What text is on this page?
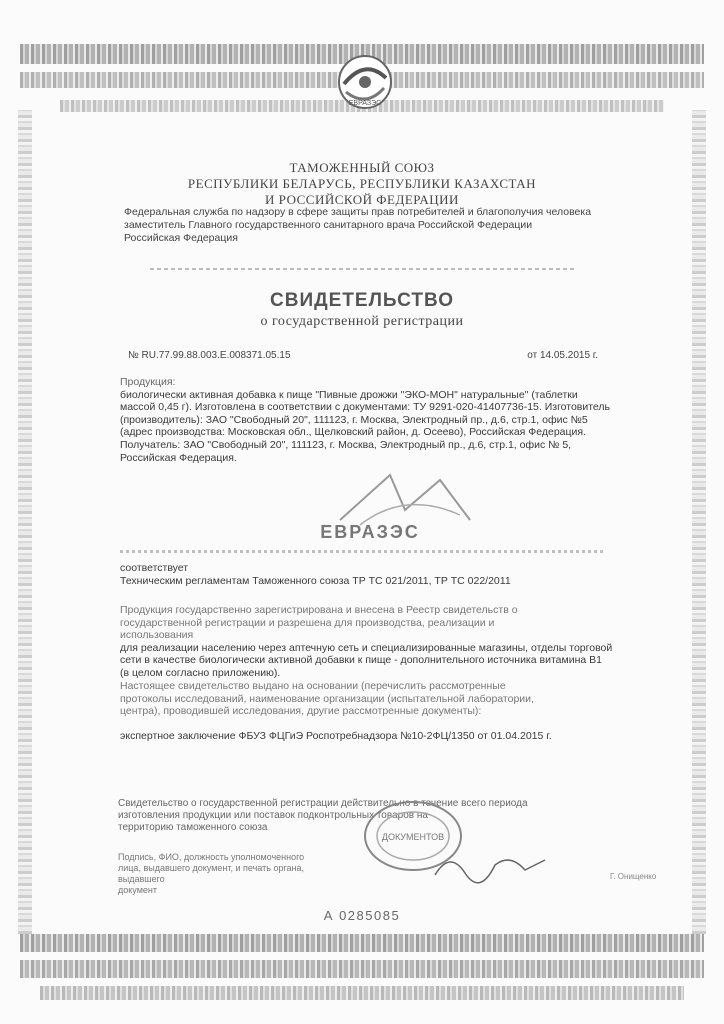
ЕВРАЗЭС
ТАМОЖЕННЫЙ СОЮЗ
РЕСПУБЛИКИ БЕЛАРУСЬ, РЕСПУБЛИКИ КАЗАХСТАН
И РОССИЙСКОЙ ФЕДЕРАЦИИ
Федеральная служба по надзору в сфере защиты прав потребителей и благополучия человека
заместитель Главного государственного санитарного врача Российской Федерации
Российская Федерация
СВИДЕТЕЛЬСТВО
о государственной регистрации
№ RU.77.99.88.003.Е.008371.05.15	от 14.05.2015 г.
Продукция:
биологически активная добавка к пище "Пивные дрожжи "ЭКО-МОН" натуральные" (таблетки
массой 0,45 г). Изготовлена в соответствии с документами: ТУ 9291-020-41407736-15. Изготовитель
(производитель): ЗАО "Свободный 20", 111123, г. Москва, Электродный пр., д.6, стр.1, офис №5
(адрес производства: Московская обл., Щелковский район, д. Осеево), Российская Федерация.
Получатель: ЗАО "Свободный 20", 111123, г. Москва, Электродный пр., д.6, стр.1, офис № 5,
Российская Федерация.
ЕВРАЗЭС
соответствует
Техническим регламентам Таможенного союза ТР ТС 021/2011, ТР ТС 022/2011
Продукция государственно зарегистрирована и внесена в Реестр свидетельств о
государственной регистрации и разрешена для производства, реализации и
использования
для реализации населению через аптечную сеть и специализированные магазины, отделы торговой
сети в качестве биологически активной добавки к пище - дополнительного источника витамина В1
(в целом согласно приложению).
Настоящее свидетельство выдано на основании (перечислить рассмотренные
протоколы исследований, наименование организации (испытательной лаборатории,
центра), проводившей исследования, другие рассмотренные документы):
экспертное заключение ФБУЗ ФЦГиЭ Роспотребнадзора №10-2ФЦ/1350 от 01.04.2015 г.
Свидетельство о государственной регистрации действительно в течение всего периода
изготовления продукции или поставок подконтрольных товаров на
территорию таможенного союза
ДОКУМЕНТОВ
Подпись, ФИО, должность уполномоченного
лица, выдавшего документ, и печать органа, выдавшего
документ
Г. Онищенко
А 0285085
